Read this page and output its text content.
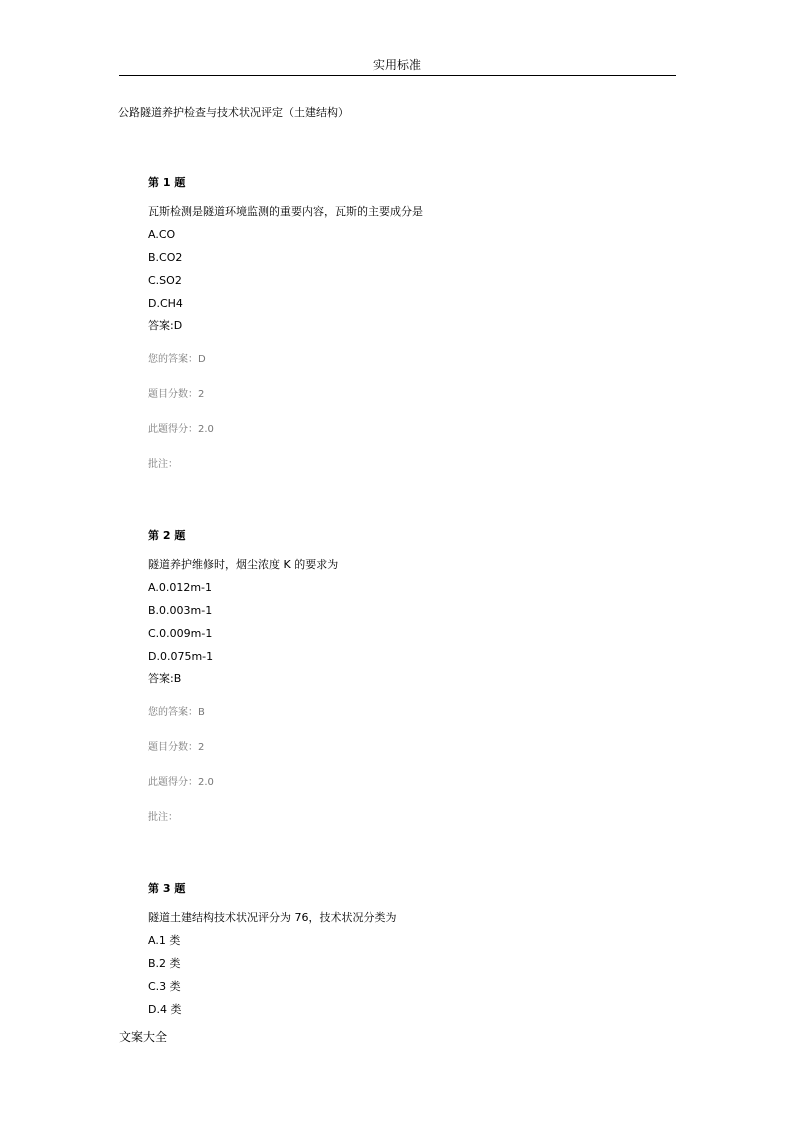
实用标准
公路隧道养护检查与技术状况评定（土建结构）
第 1 题
瓦斯检测是隧道环境监测的重要内容，瓦斯的主要成分是
A.CO
B.CO2
C.SO2
D.CH4
答案:D
您的答案：D
题目分数：2
此题得分：2.0
批注：
第 2 题
隧道养护维修时，烟尘浓度 K 的要求为
A.0.012m-1
B.0.003m-1
C.0.009m-1
D.0.075m-1
答案:B
您的答案：B
题目分数：2
此题得分：2.0
批注：
第 3 题
隧道土建结构技术状况评分为 76，技术状况分类为
A.1 类
B.2 类
C.3 类
D.4 类
文案大全
